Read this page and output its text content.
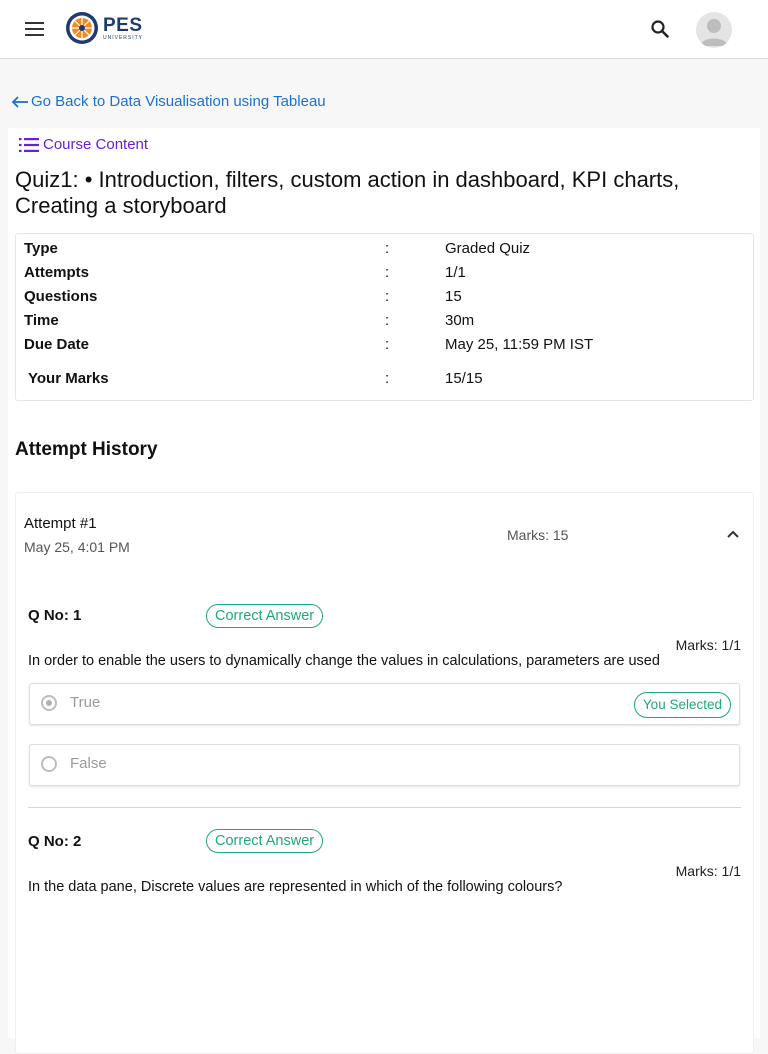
PES
UNIVERSITY
Go Back to Data Visualisation using Tableau
Course Content
Quiz1: • Introduction, filters, custom action in dashboard, KPI charts, Creating a storyboard
Type	:	Graded Quiz
Attempts	:	1/1
Questions	:	15
Time	:	30m
Due Date	:	May 25, 11:59 PM IST
Your Marks	:	15/15
Attempt History
Attempt #1
May 25, 4:01 PM
Marks: 15
Q No: 1	Correct Answer
Marks: 1/1
In order to enable the users to dynamically change the values in calculations, parameters are used
True	You Selected
False
Q No: 2	Correct Answer
Marks: 1/1
In the data pane, Discrete values are represented in which of the following colours?
